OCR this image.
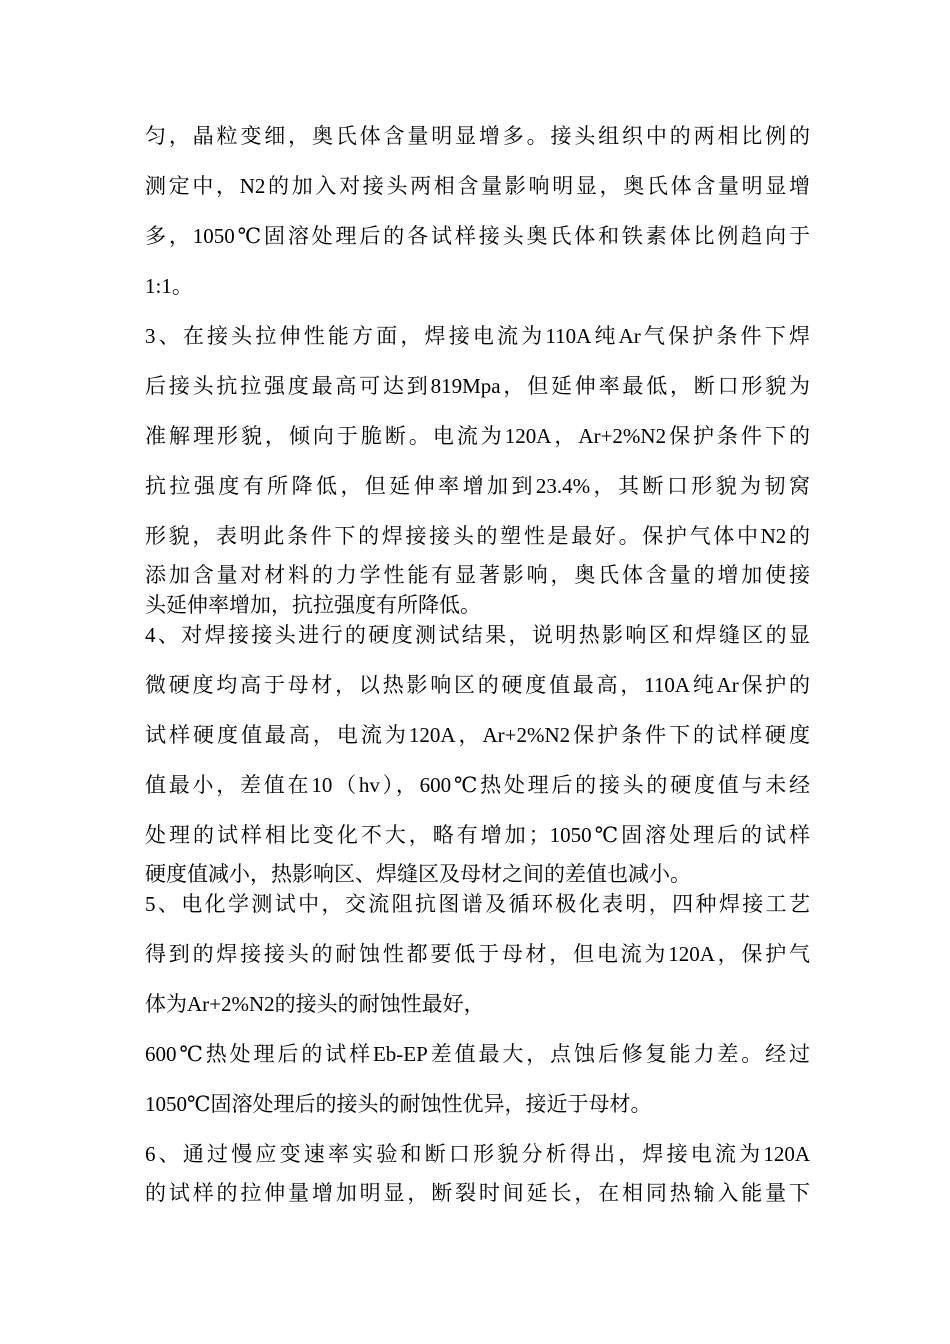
匀，晶粒变细，奥氏体含量明显增多。接头组织中的两相比例的

测定中，N2的加入对接头两相含量影响明显，奥氏体含量明显增

多，1050℃固溶处理后的各试样接头奥氏体和铁素体比例趋向于

1:1。

3、在接头拉伸性能方面，焊接电流为110A纯Ar气保护条件下焊

后接头抗拉强度最高可达到819Mpa，但延伸率最低，断口形貌为

准解理形貌，倾向于脆断。电流为120A，Ar+2%N2保护条件下的

抗拉强度有所降低，但延伸率增加到23.4%，其断口形貌为韧窝

形貌，表明此条件下的焊接接头的塑性是最好。保护气体中N2的

添加含量对材料的力学性能有显著影响，奥氏体含量的增加使接

头延伸率增加，抗拉强度有所降低。

4、对焊接接头进行的硬度测试结果，说明热影响区和焊缝区的显

微硬度均高于母材，以热影响区的硬度值最高，110A纯Ar保护的

试样硬度值最高，电流为120A，Ar+2%N2保护条件下的试样硬度

值最小，差值在10（hv），600℃热处理后的接头的硬度值与未经

处理的试样相比变化不大，略有增加；1050℃固溶处理后的试样

硬度值减小，热影响区、焊缝区及母材之间的差值也减小。

5、电化学测试中，交流阻抗图谱及循环极化表明，四种焊接工艺

得到的焊接接头的耐蚀性都要低于母材，但电流为120A，保护气

体为Ar+2%N2的接头的耐蚀性最好，

600℃热处理后的试样Eb-EP差值最大，点蚀后修复能力差。经过

1050℃固溶处理后的接头的耐蚀性优异，接近于母材。

6、通过慢应变速率实验和断口形貌分析得出，焊接电流为120A

的试样的拉伸量增加明显，断裂时间延长，在相同热输入能量下
